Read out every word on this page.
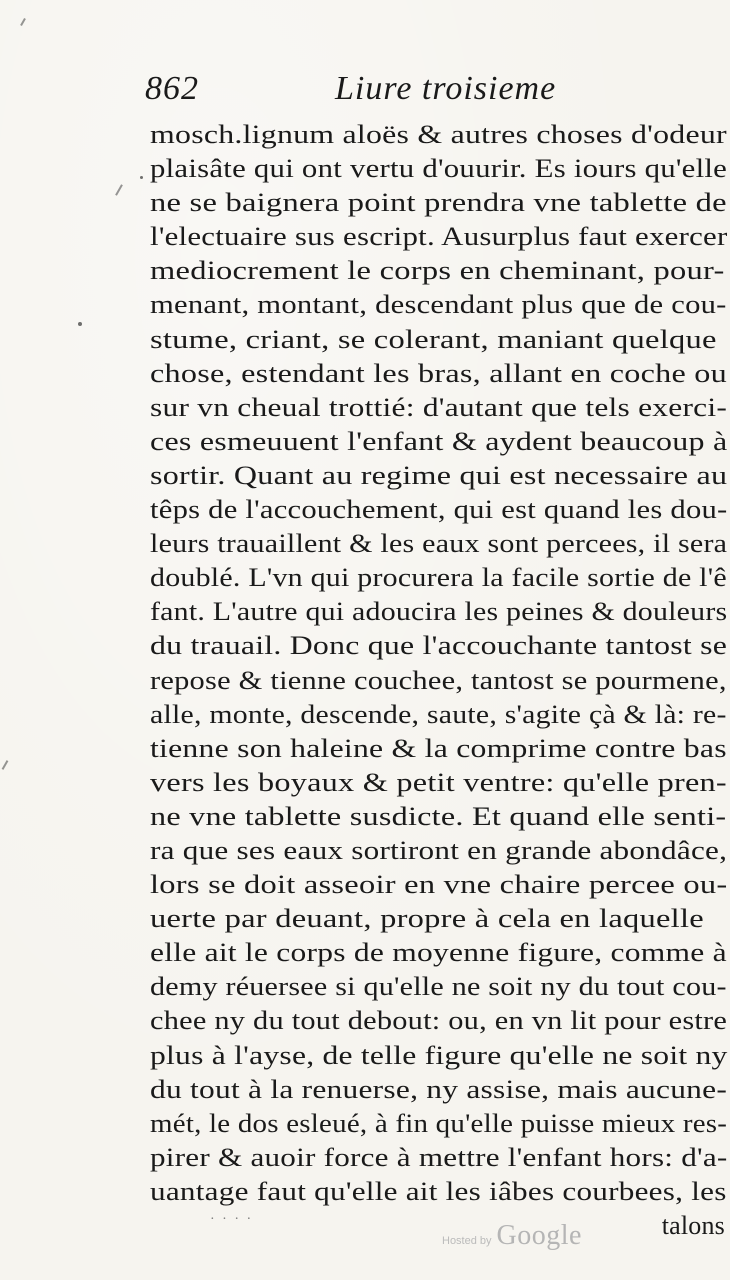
862	Liure troisieme
mosch.lignum aloës & autres choses d'odeur
plaisâte qui ont vertu d'ouurir. Es iours qu'elle
ne se baignera point prendra vne tablette de
l'electuaire sus escript. Ausurplus faut exercer
mediocrement le corps en cheminant, pour-
menant, montant, descendant plus que de cou-
stume, criant, se colerant, maniant quelque
chose, estendant les bras, allant en coche ou
sur vn cheual trottié: d'autant que tels exerci-
ces esmeuuent l'enfant & aydent beaucoup à
sortir. Quant au regime qui est necessaire au
têps de l'accouchement, qui est quand les dou-
leurs trauaillent & les eaux sont percees, il sera
doublé. L'vn qui procurera la facile sortie de l'ê
fant. L'autre qui adoucira les peines & douleurs
du trauail. Donc que l'accouchante tantost se
repose & tienne couchee, tantost se pourmene,
alle, monte, descende, saute, s'agite çà & là: re-
tienne son haleine & la comprime contre bas
vers les boyaux & petit ventre: qu'elle pren-
ne vne tablette susdicte. Et quand elle senti-
ra que ses eaux sortiront en grande abondâce,
lors se doit asseoir en vne chaire percee ou-
uerte par deuant, propre à cela en laquelle
elle ait le corps de moyenne figure, comme à
demy réuersee si qu'elle ne soit ny du tout cou-
chee ny du tout debout: ou, en vn lit pour estre
plus à l'ayse, de telle figure qu'elle ne soit ny
du tout à la renuerse, ny assise, mais aucune-
mét, le dos esleué, à fin qu'elle puisse mieux res-
pirer & auoir force à mettre l'enfant hors: d'a-
uantage faut qu'elle ait les iâbes courbees, les
talons
· · · ·
Hosted by Google
